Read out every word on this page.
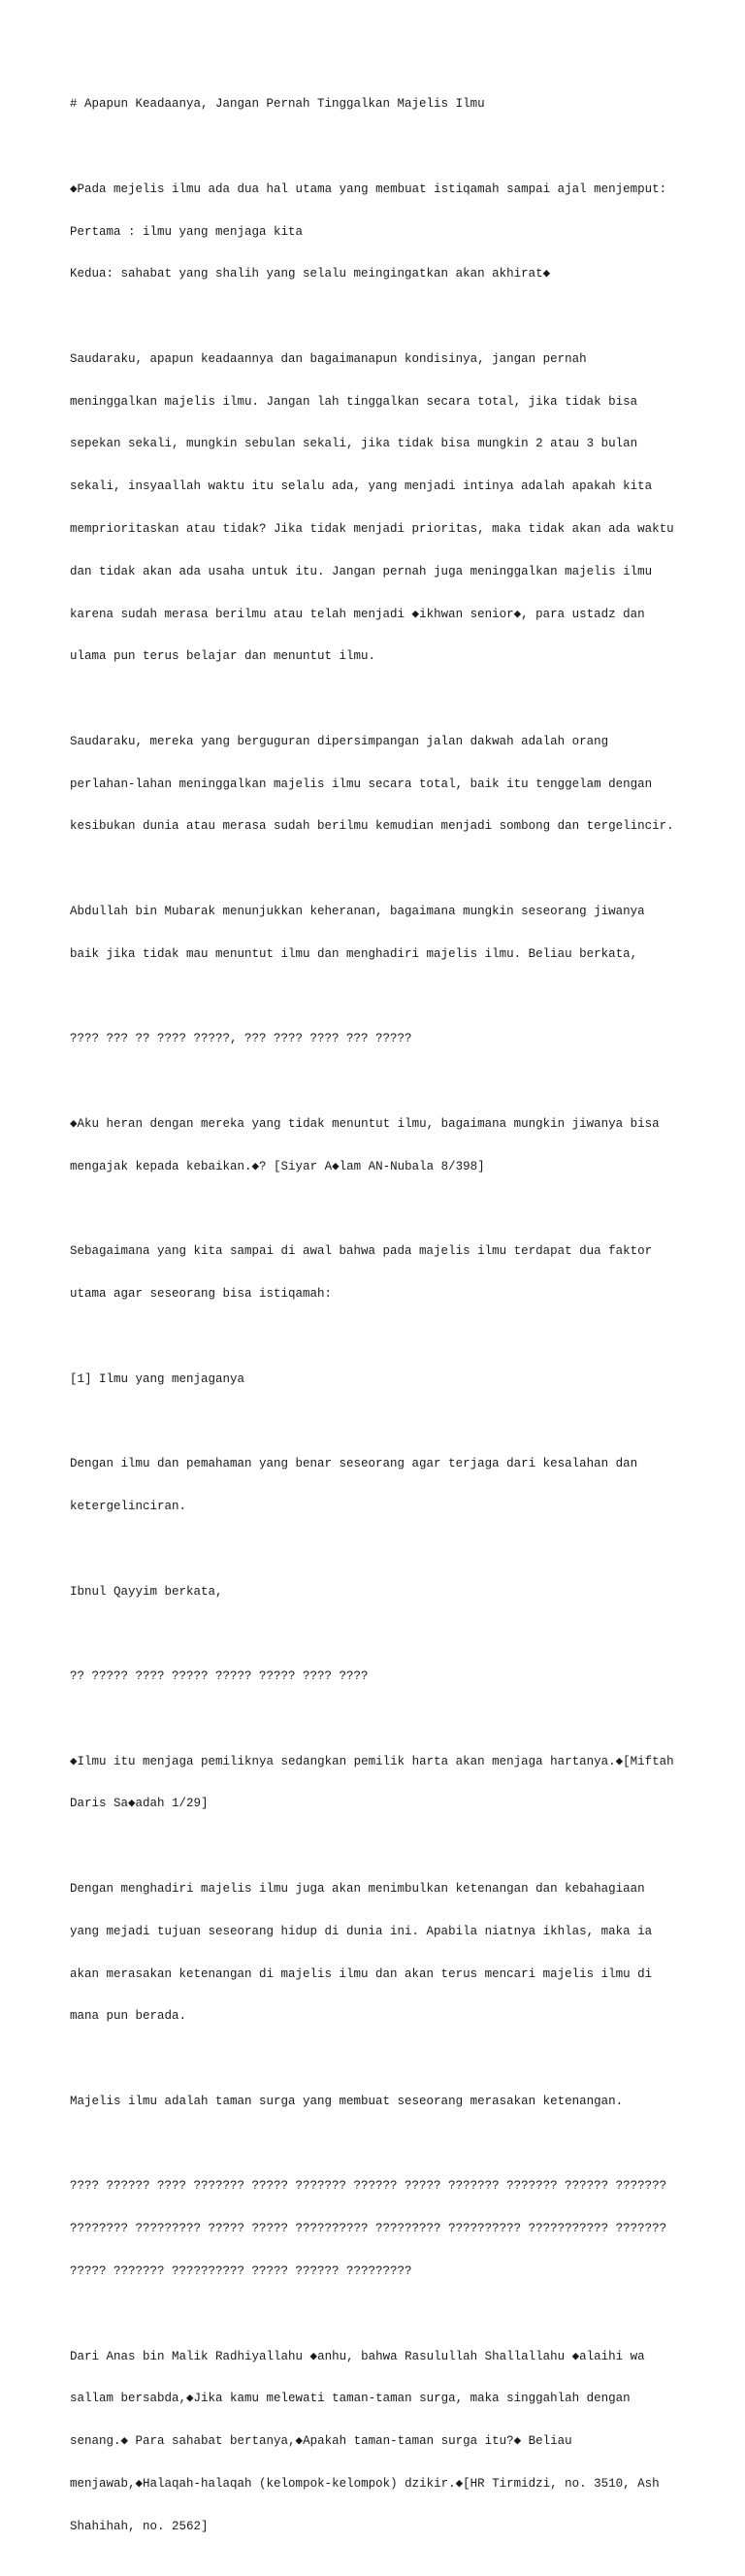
# Apapun Keadaanya, Jangan Pernah Tinggalkan Majelis Ilmu

◆Pada mejelis ilmu ada dua hal utama yang membuat istiqamah sampai ajal menjemput:

Pertama : ilmu yang menjaga kita

Kedua: sahabat yang shalih yang selalu meingingatkan akan akhirat◆

Saudaraku, apapun keadaannya dan bagaimanapun kondisinya, jangan pernah

meninggalkan majelis ilmu. Jangan lah tinggalkan secara total, jika tidak bisa

sepekan sekali, mungkin sebulan sekali, jika tidak bisa mungkin 2 atau 3 bulan

sekali, insyaallah waktu itu selalu ada, yang menjadi intinya adalah apakah kita

memprioritaskan atau tidak? Jika tidak menjadi prioritas, maka tidak akan ada waktu

dan tidak akan ada usaha untuk itu. Jangan pernah juga meninggalkan majelis ilmu

karena sudah merasa berilmu atau telah menjadi ◆ikhwan senior◆, para ustadz dan

ulama pun terus belajar dan menuntut ilmu.

Saudaraku, mereka yang berguguran dipersimpangan jalan dakwah adalah orang

perlahan-lahan meninggalkan majelis ilmu secara total, baik itu tenggelam dengan

kesibukan dunia atau merasa sudah berilmu kemudian menjadi sombong dan tergelincir.

Abdullah bin Mubarak menunjukkan keheranan, bagaimana mungkin seseorang jiwanya

baik jika tidak mau menuntut ilmu dan menghadiri majelis ilmu. Beliau berkata,

???? ??? ?? ???? ?????, ??? ???? ???? ??? ?????

◆Aku heran dengan mereka yang tidak menuntut ilmu, bagaimana mungkin jiwanya bisa

mengajak kepada kebaikan.◆? [Siyar A◆lam AN-Nubala 8/398]

Sebagaimana yang kita sampai di awal bahwa pada majelis ilmu terdapat dua faktor

utama agar seseorang bisa istiqamah:

[1] Ilmu yang menjaganya

Dengan ilmu dan pemahaman yang benar seseorang agar terjaga dari kesalahan dan

ketergelinciran.

Ibnul Qayyim berkata,

?? ????? ???? ????? ????? ????? ???? ????

◆Ilmu itu menjaga pemiliknya sedangkan pemilik harta akan menjaga hartanya.◆[Miftah

Daris Sa◆adah 1/29]

Dengan menghadiri majelis ilmu juga akan menimbulkan ketenangan dan kebahagiaan

yang mejadi tujuan seseorang hidup di dunia ini. Apabila niatnya ikhlas, maka ia

akan merasakan ketenangan di majelis ilmu dan akan terus mencari majelis ilmu di

mana pun berada.

Majelis ilmu adalah taman surga yang membuat seseorang merasakan ketenangan.

???? ?????? ???? ??????? ????? ??????? ?????? ????? ??????? ??????? ?????? ???????

???????? ????????? ????? ????? ?????????? ????????? ?????????? ??????????? ???????

????? ??????? ?????????? ????? ?????? ?????????

Dari Anas bin Malik Radhiyallahu ◆anhu, bahwa Rasulullah Shallallahu ◆alaihi wa

sallam bersabda,◆Jika kamu melewati taman-taman surga, maka singgahlah dengan

senang.◆ Para sahabat bertanya,◆Apakah taman-taman surga itu?◆ Beliau

menjawab,◆Halaqah-halaqah (kelompok-kelompok) dzikir.◆[HR Tirmidzi, no. 3510, Ash

Shahihah, no. 2562]
